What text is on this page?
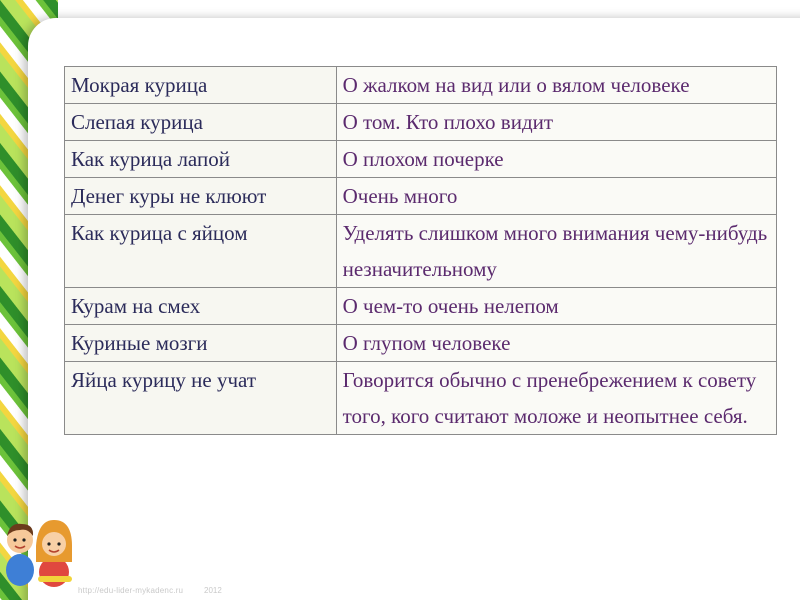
Мокрая курица	О жалком на вид или о вялом человеке
Слепая курица	О том. Кто плохо видит
Как курица лапой	О плохом почерке
Денег куры не клюют	Очень много
Как курица с яйцом	Уделять слишком много внимания чему-нибудь незначительному
Курам на смех	О чем-то очень нелепом
Куриные мозги	О глупом человеке
Яйца курицу не учат	Говорится обычно с пренебрежением к совету того, кого считают моложе и неопытнее себя.
http://edu-lider-mykadenc.ru	2012
